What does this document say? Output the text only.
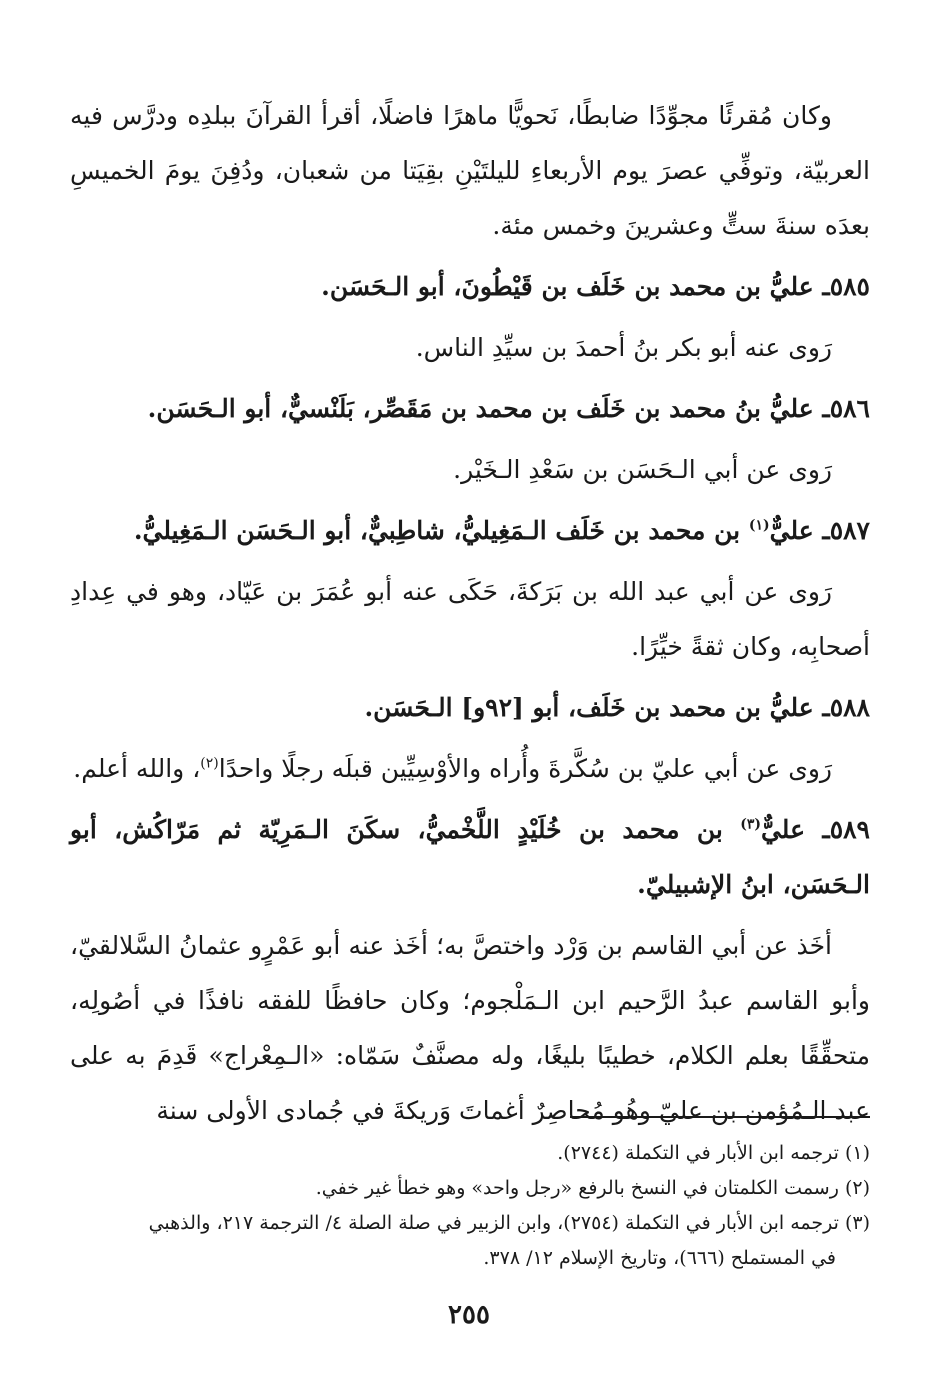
وكان مُقرئًا مجوِّدًا ضابطًا، نَحويًّا ماهرًا فاضلًا، أقرأ القرآنَ ببلدِه ودرَّس فيه العربيّة، وتوفِّي عصرَ يوم الأربعاءِ لليلتَيْنِ بقِيَتا من شعبان، ودُفِنَ يومَ الخميسِ بعدَه سنةَ ستٍّ وعشرينَ وخمس مئة.

٥٨٥ـ عليُّ بن محمد بن خَلَف بن قَيْطُونَ، أبو الـحَسَن.

رَوى عنه أبو بكر بنُ أحمدَ بن سيِّدِ الناس.

٥٨٦ـ عليُّ بنُ محمد بن خَلَف بن محمد بن مَقَصِّر، بَلَنْسيٌّ، أبو الـحَسَن.

رَوى عن أبي الـحَسَن بن سَعْدِ الـخَيْر.

٥٨٧ـ عليٌّ$^{(١)}$ بن محمد بن خَلَف الـمَغِيليُّ، شاطِبيٌّ، أبو الـحَسَن الـمَغِيليُّ.

رَوى عن أبي عبد الله بن بَرَكةَ، حَكَى عنه أبو عُمَرَ بن عَيّاد، وهو في عِدادِ أصحابِه، وكان ثقةً خيِّرًا.

٥٨٨ـ عليُّ بن محمد بن خَلَف، أبو [٩٢و] الـحَسَن.

رَوى عن أبي عليّ بن سُكَّرةَ وأُراه والأوْسِيِّين قبلَه رجلًا واحدًا$^{(٢)}$، والله أعلم.

٥٨٩ـ عليٌّ$^{(٣)}$ بن محمد بن خُلَيْدٍ اللَّخْميُّ، سكَنَ الـمَرِيّة ثم مَرّاكُش، أبو الـحَسَن، ابنُ الإشبيليّ.

أخَذ عن أبي القاسم بن وَرْد واختصَّ به؛ أخَذ عنه أبو عَمْرٍو عثمانُ السَّلالقيّ، وأبو القاسم عبدُ الرَّحيم ابن الـمَلْجوم؛ وكان حافظًا للفقه نافذًا في أصُولِه، متحقِّقًا بعلم الكلام، خطيبًا بليغًا، وله مصنَّفٌ سَمّاه: «الـمِعْراج» قَدِمَ به على عبد الـمُؤمن بن عليّ وهُو مُحاصِرٌ أغماتَ وَريكةَ في جُمادى الأولى سنة

(١) ترجمه ابن الأبار في التكملة (٢٧٤٤).

(٢) رسمت الكلمتان في النسخ بالرفع «رجل واحد» وهو خطأ غير خفي.

(٣) ترجمه ابن الأبار في التكملة (٢٧٥٤)، وابن الزبير في صلة الصلة ٤/ الترجمة ٢١٧، والذهبي

في المستملح (٦٦٦)، وتاريخ الإسلام ١٢/ ٣٧٨.

٢٥٥
